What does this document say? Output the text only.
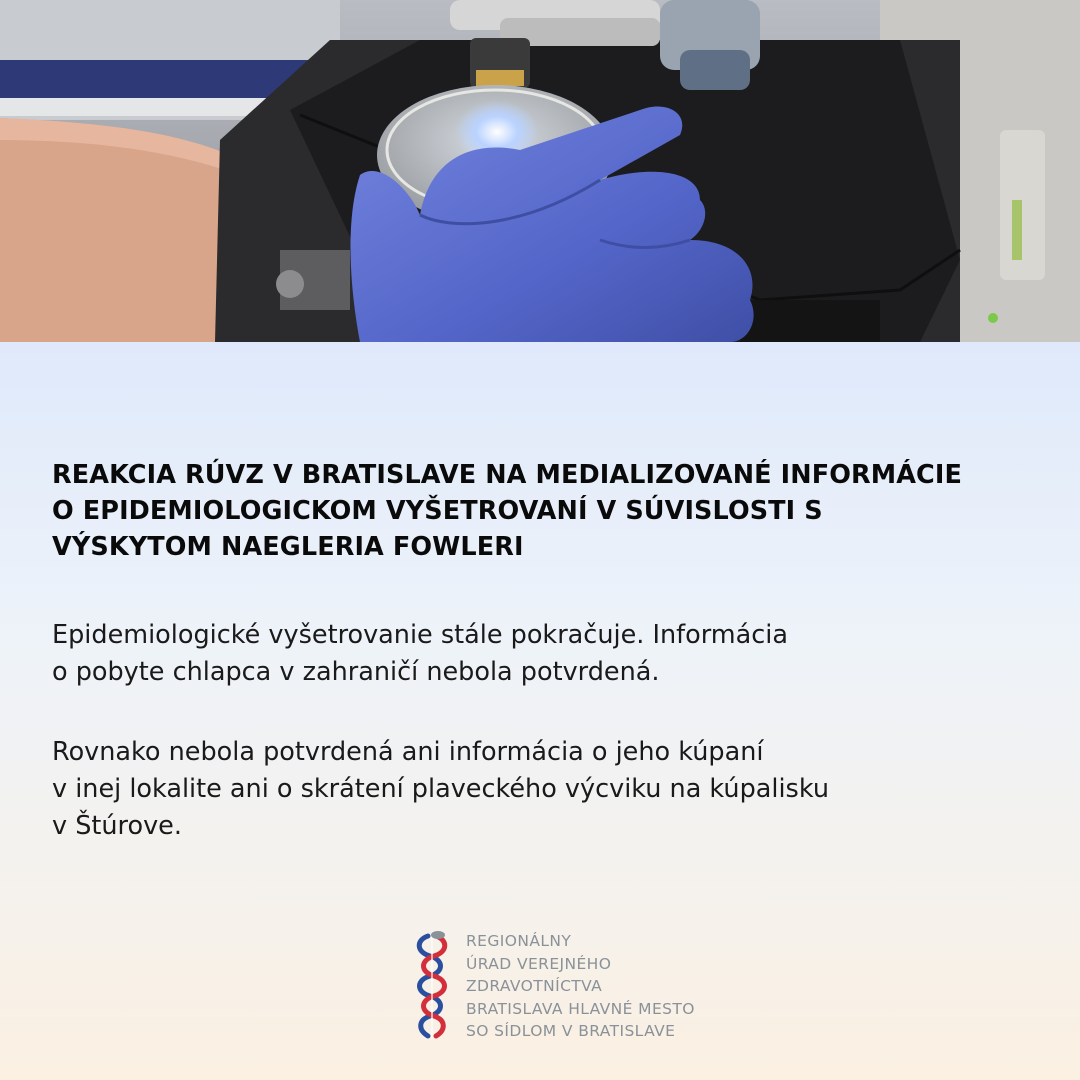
REAKCIA RÚVZ V BRATISLAVE NA MEDIALIZOVANÉ INFORMÁCIE
O EPIDEMIOLOGICKOM VYŠETROVANÍ V SÚVISLOSTI S
VÝSKYTOM NAEGLERIA FOWLERI

Epidemiologické vyšetrovanie stále pokračuje. Informácia
o pobyte chlapca v zahraničí nebola potvrdená.

Rovnako nebola potvrdená ani informácia o jeho kúpaní
v inej lokalite ani o skrátení plaveckého výcviku na kúpalisku
v Štúrove.

REGIONÁLNY
ÚRAD VEREJNÉHO
ZDRAVOTNÍCTVA
BRATISLAVA HLAVNÉ MESTO
SO SÍDLOM V BRATISLAVE
